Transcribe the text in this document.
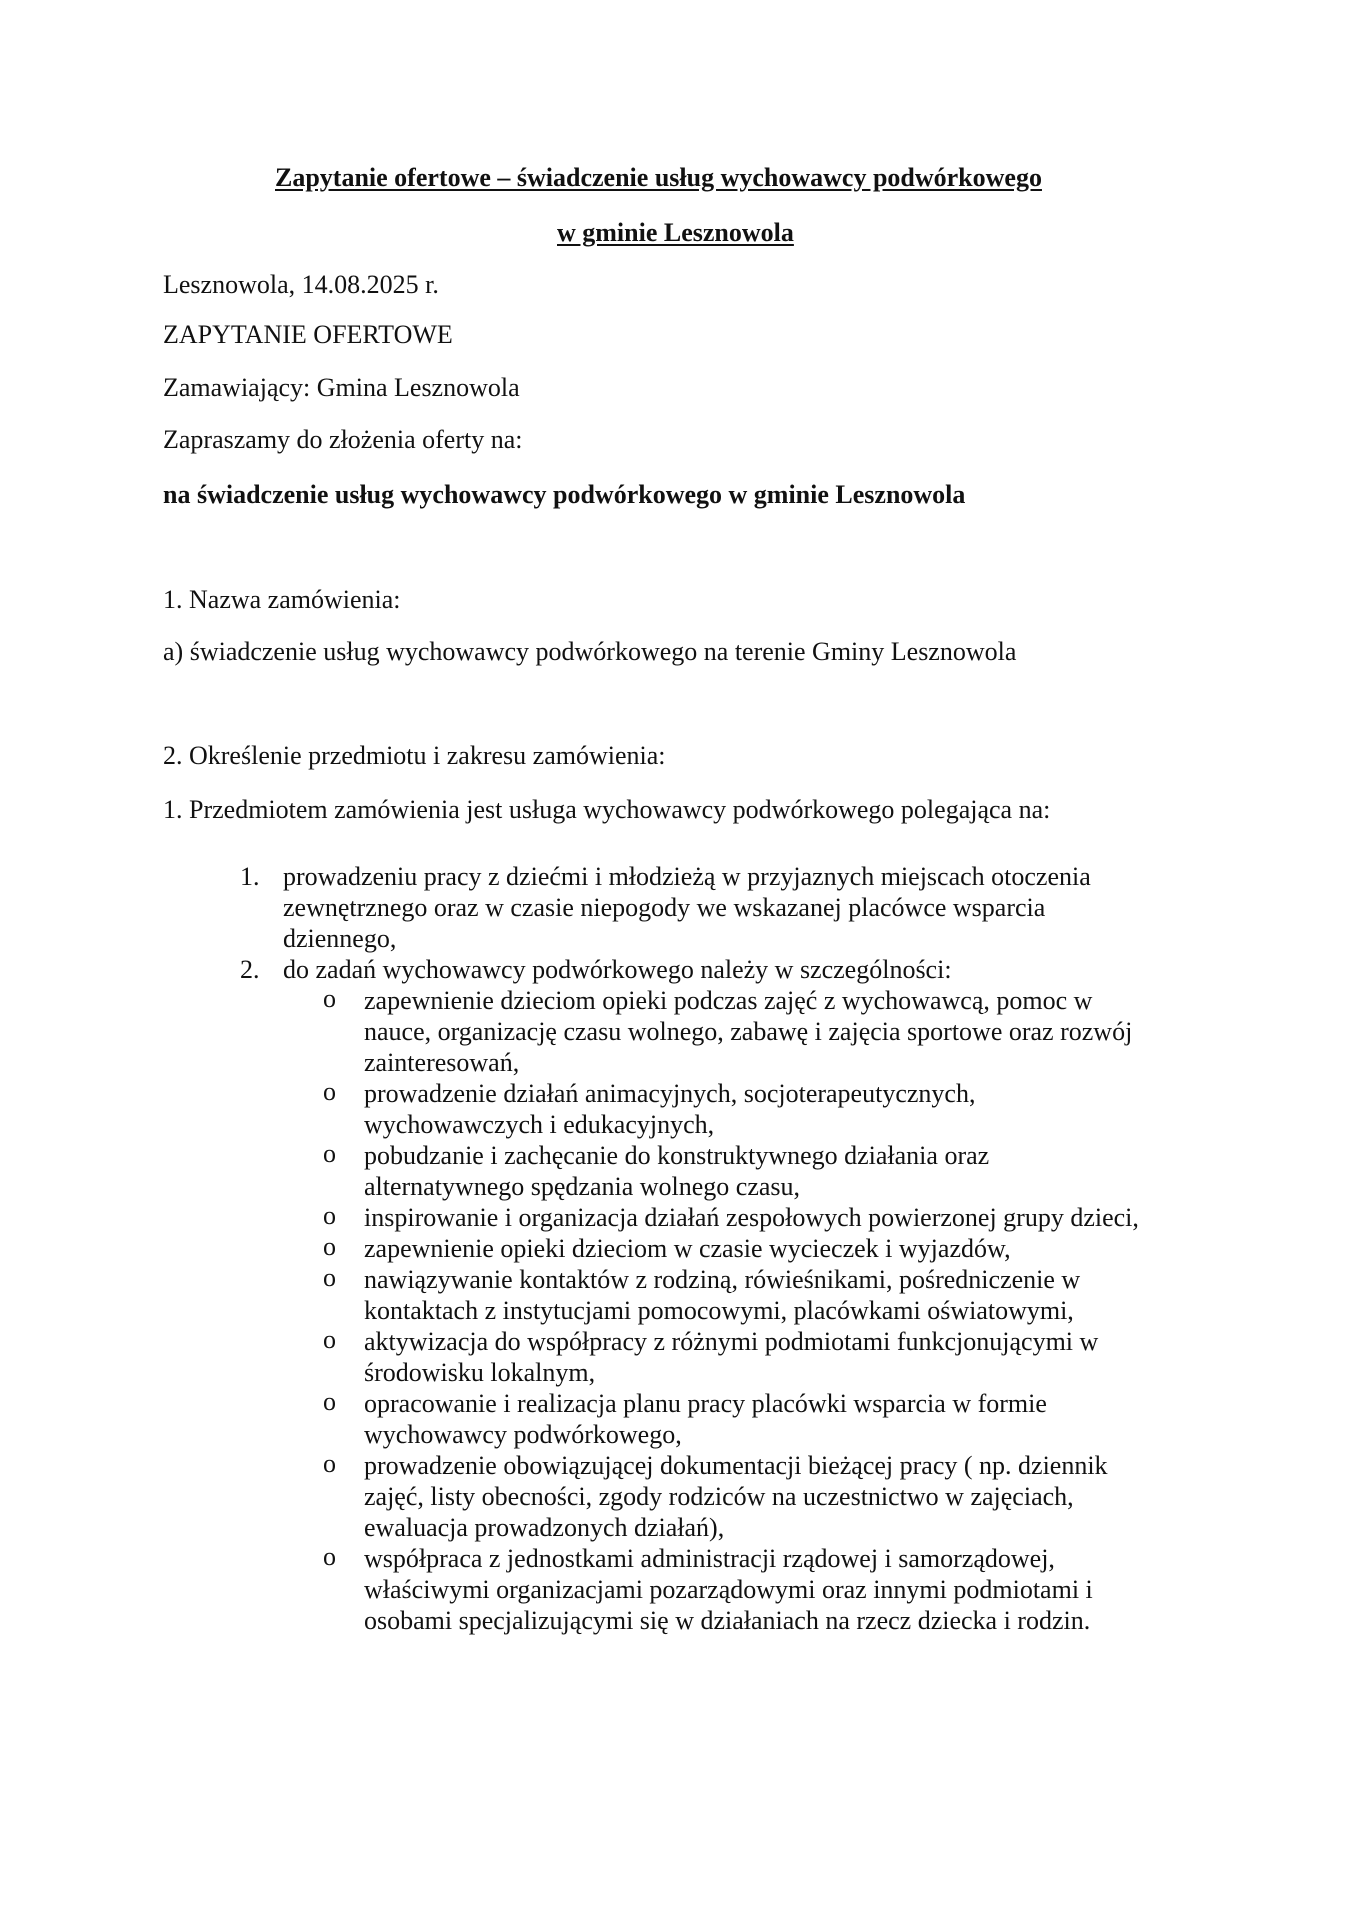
Zapytanie ofertowe – świadczenie usług wychowawcy podwórkowego
w gminie Lesznowola
Lesznowola, 14.08.2025 r.
ZAPYTANIE OFERTOWE
Zamawiający: Gmina Lesznowola
Zapraszamy do złożenia oferty na:
na świadczenie usług wychowawcy podwórkowego w gminie Lesznowola
1. Nazwa zamówienia:
a) świadczenie usług wychowawcy podwórkowego na terenie Gminy Lesznowola
2. Określenie przedmiotu i zakresu zamówienia:
1. Przedmiotem zamówienia jest usługa wychowawcy podwórkowego polegająca na:
1. prowadzeniu pracy z dziećmi i młodzieżą w przyjaznych miejscach otoczenia
zewnętrznego oraz w czasie niepogody we wskazanej placówce wsparcia
dziennego,
2. do zadań wychowawcy podwórkowego należy w szczególności:
o zapewnienie dzieciom opieki podczas zajęć z wychowawcą, pomoc w
nauce, organizację czasu wolnego, zabawę i zajęcia sportowe oraz rozwój
zainteresowań,
o prowadzenie działań animacyjnych, socjoterapeutycznych,
wychowawczych i edukacyjnych,
o pobudzanie i zachęcanie do konstruktywnego działania oraz
alternatywnego spędzania wolnego czasu,
o inspirowanie i organizacja działań zespołowych powierzonej grupy dzieci,
o zapewnienie opieki dzieciom w czasie wycieczek i wyjazdów,
o nawiązywanie kontaktów z rodziną, rówieśnikami, pośredniczenie w
kontaktach z instytucjami pomocowymi, placówkami oświatowymi,
o aktywizacja do współpracy z różnymi podmiotami funkcjonującymi w
środowisku lokalnym,
o opracowanie i realizacja planu pracy placówki wsparcia w formie
wychowawcy podwórkowego,
o prowadzenie obowiązującej dokumentacji bieżącej pracy ( np. dziennik
zajęć, listy obecności, zgody rodziców na uczestnictwo w zajęciach,
ewaluacja prowadzonych działań),
o współpraca z jednostkami administracji rządowej i samorządowej,
właściwymi organizacjami pozarządowymi oraz innymi podmiotami i
osobami specjalizującymi się w działaniach na rzecz dziecka i rodzin.
